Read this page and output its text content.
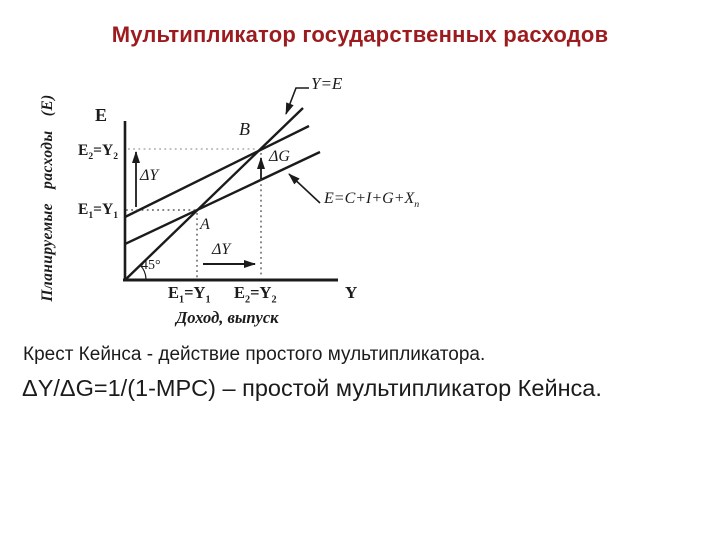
Мультипликатор государственных расходов
Планируемые расходы (Е) E
Y
$E_2=Y_2$
$E_1=Y_1$
$E_1=Y_1$ $E_2=Y_2$
B
A
ΔY
ΔG
ΔY
45°
Y=E
$E=C+I+G+X_n$
Доход, выпуск
Крест Кейнса - действие простого мультипликатора.
ΔY/ΔG=1/(1-MPC) – простой мультипликатор Кейнса.
